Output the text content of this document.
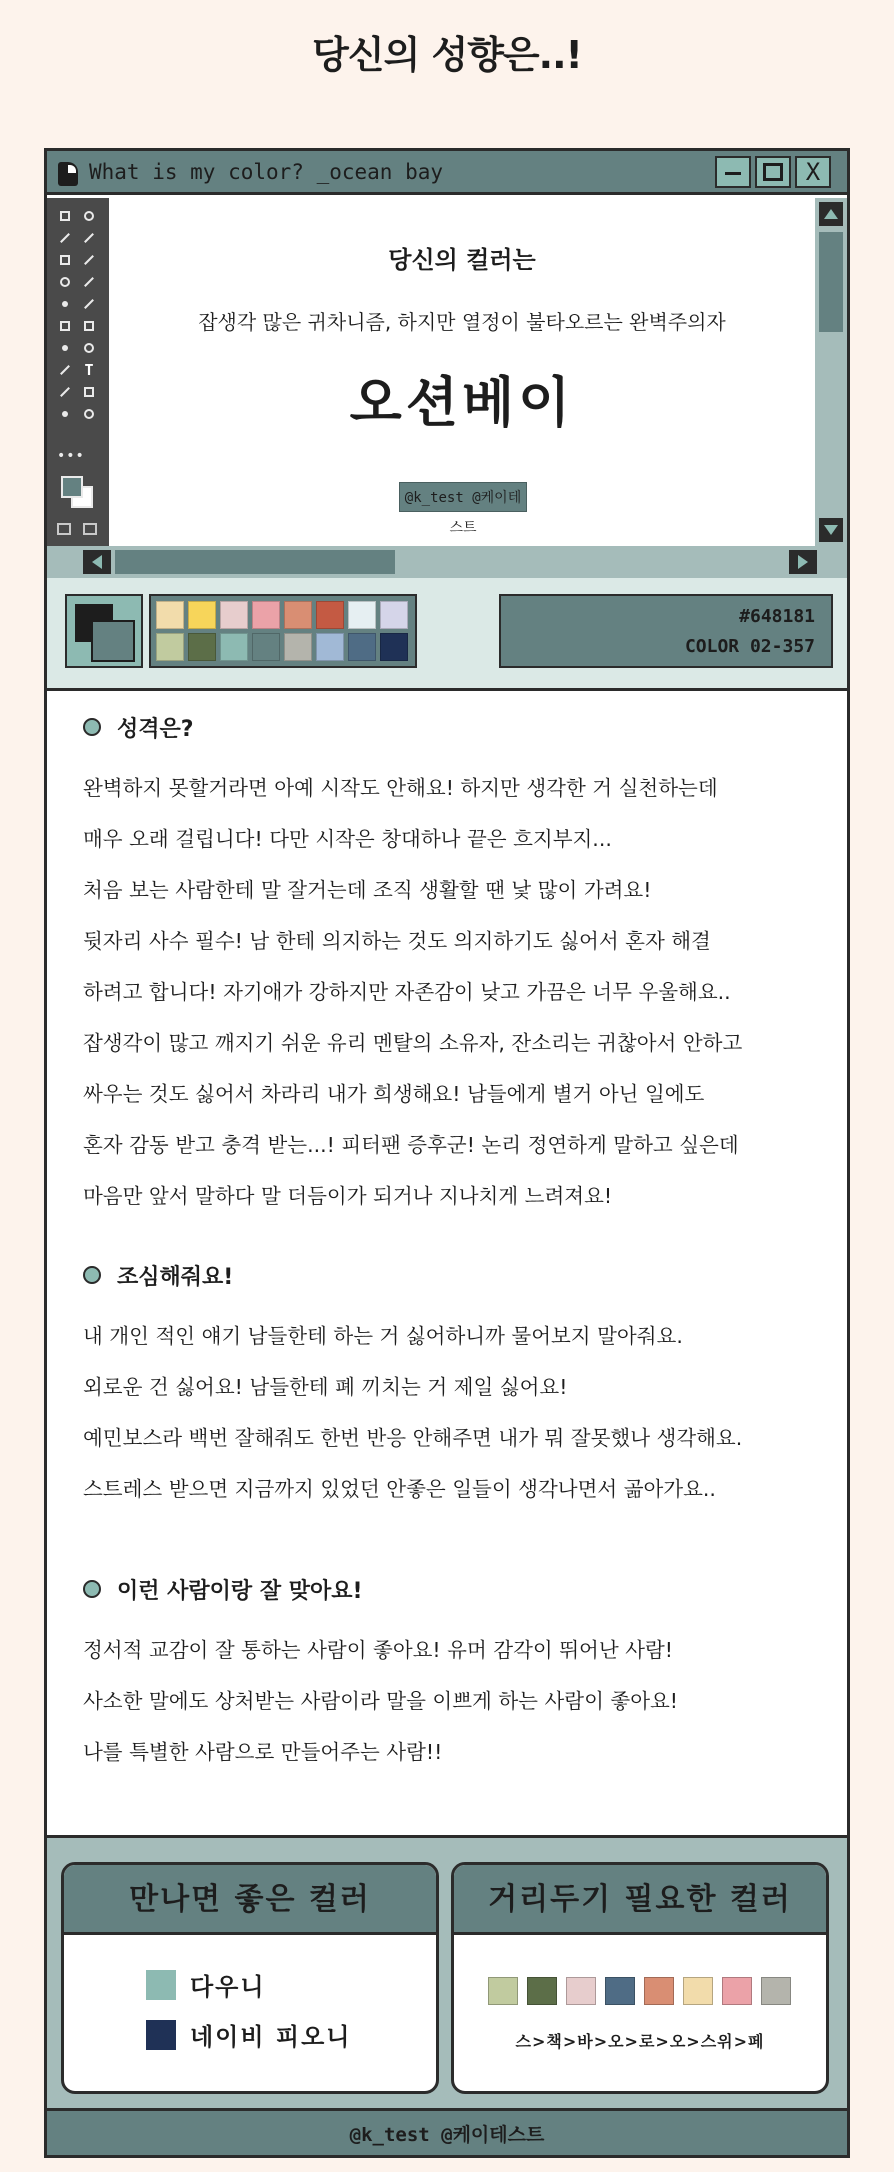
당신의 성향은..!
What is my color? _ocean bay	X
T
•••
당신의 컬러는
잡생각 많은 귀차니즘, 하지만 열정이 불타오르는 완벽주의자
오션베이
@k_test @케이테스트
#648181
COLOR 02-357
성격은?
완벽하지 못할거라면 아예 시작도 안해요! 하지만 생각한 거 실천하는데
매우 오래 걸립니다! 다만 시작은 창대하나 끝은 흐지부지...
처음 보는 사람한테 말 잘거는데 조직 생활할 땐 낯 많이 가려요!
뒷자리 사수 필수! 남 한테 의지하는 것도 의지하기도 싫어서 혼자 해결
하려고 합니다! 자기애가 강하지만 자존감이 낮고 가끔은 너무 우울해요..
잡생각이 많고 깨지기 쉬운 유리 멘탈의 소유자, 잔소리는 귀찮아서 안하고
싸우는 것도 싫어서 차라리 내가 희생해요! 남들에게 별거 아닌 일에도
혼자 감동 받고 충격 받는...! 피터팬 증후군! 논리 정연하게 말하고 싶은데
마음만 앞서 말하다 말 더듬이가 되거나 지나치게 느려져요!
조심해줘요!
내 개인 적인 얘기 남들한테 하는 거 싫어하니까 물어보지 말아줘요.
외로운 건 싫어요! 남들한테 폐 끼치는 거 제일 싫어요!
예민보스라 백번 잘해줘도 한번 반응 안해주면 내가 뭐 잘못했나 생각해요.
스트레스 받으면 지금까지 있었던 안좋은 일들이 생각나면서 곪아가요..
이런 사람이랑 잘 맞아요!
정서적 교감이 잘 통하는 사람이 좋아요! 유머 감각이 뛰어난 사람!
사소한 말에도 상처받는 사람이라 말을 이쁘게 하는 사람이 좋아요!
나를 특별한 사람으로 만들어주는 사람!!
만나면 좋은 컬러
다우니
네이비 피오니
거리두기 필요한 컬러
스>책>바>오>로>오>스위>페
@k_test @케이테스트
